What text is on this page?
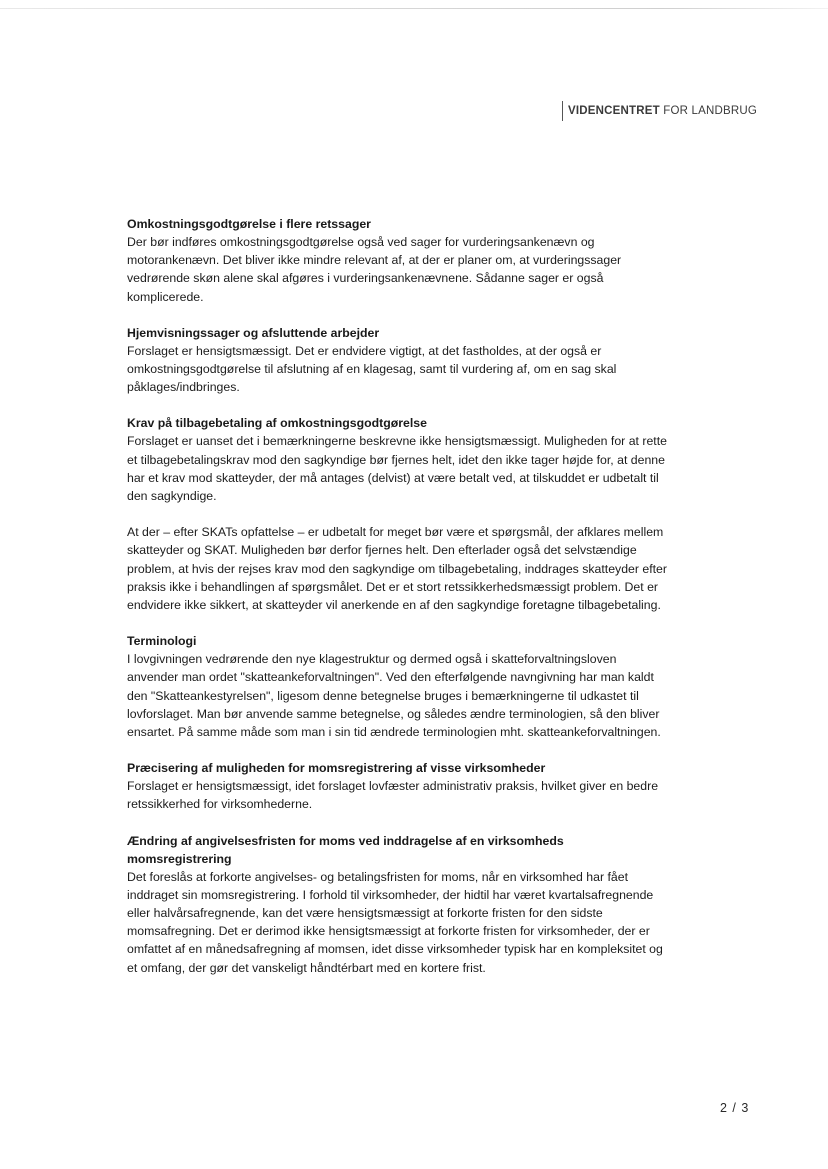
VIDENCENTRET FOR LANDBRUG
Omkostningsgodtgørelse i flere retssager

Der bør indføres omkostningsgodtgørelse også ved sager for vurderingsankenævn og motorankenævn. Det bliver ikke mindre relevant af, at der er planer om, at vurderingssager vedrørende skøn alene skal afgøres i vurderingsankenævnene. Sådanne sager er også komplicerede.

Hjemvisningssager og afsluttende arbejder

Forslaget er hensigtsmæssigt. Det er endvidere vigtigt, at det fastholdes, at der også er omkostningsgodtgørelse til afslutning af en klagesag, samt til vurdering af, om en sag skal påklages/indbringes.

Krav på tilbagebetaling af omkostningsgodtgørelse

Forslaget er uanset det i bemærkningerne beskrevne ikke hensigtsmæssigt. Muligheden for at rette et tilbagebetalingskrav mod den sagkyndige bør fjernes helt, idet den ikke tager højde for, at denne har et krav mod skatteyder, der må antages (delvist) at være betalt ved, at tilskuddet er udbetalt til den sagkyndige.

At der – efter SKATs opfattelse – er udbetalt for meget bør være et spørgsmål, der afklares mellem skatteyder og SKAT. Muligheden bør derfor fjernes helt. Den efterlader også det selvstændige problem, at hvis der rejses krav mod den sagkyndige om tilbagebetaling, inddrages skatteyder efter praksis ikke i behandlingen af spørgsmålet. Det er et stort retssikkerhedsmæssigt problem. Det er endvidere ikke sikkert, at skatteyder vil anerkende en af den sagkyndige foretagne tilbagebetaling.

Terminologi

I lovgivningen vedrørende den nye klagestruktur og dermed også i skatteforvaltningsloven anvender man ordet "skatteankeforvaltningen". Ved den efterfølgende navngivning har man kaldt den "Skatteankestyrelsen", ligesom denne betegnelse bruges i bemærkningerne til udkastet til lovforslaget. Man bør anvende samme betegnelse, og således ændre terminologien, så den bliver ensartet. På samme måde som man i sin tid ændrede terminologien mht. skatteankeforvaltningen.

Præcisering af muligheden for momsregistrering af visse virksomheder

Forslaget er hensigtsmæssigt, idet forslaget lovfæster administrativ praksis, hvilket giver en bedre retssikkerhed for virksomhederne.

Ændring af angivelsesfristen for moms ved inddragelse af en virksomheds momsregistrering

Det foreslås at forkorte angivelses- og betalingsfristen for moms, når en virksomhed har fået inddraget sin momsregistrering. I forhold til virksomheder, der hidtil har været kvartalsafregnende eller halvårsafregnende, kan det være hensigtsmæssigt at forkorte fristen for den sidste momsafregning. Det er derimod ikke hensigtsmæssigt at forkorte fristen for virksomheder, der er omfattet af en månedsafregning af momsen, idet disse virksomheder typisk har en kompleksitet og et omfang, der gør det vanskeligt håndtérbart med en kortere frist.

2 / 3
